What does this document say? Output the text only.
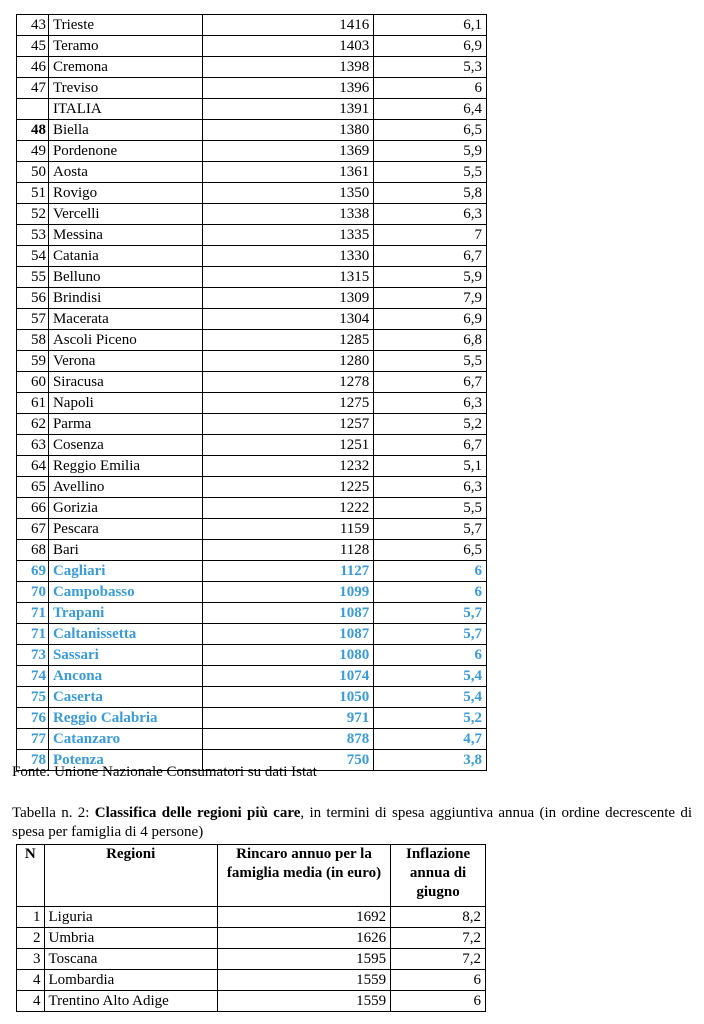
43	Trieste	1416	6,1
45	Teramo	1403	6,9
46	Cremona	1398	5,3
47	Treviso	1396	6
	ITALIA	1391	6,4
48	Biella	1380	6,5
49	Pordenone	1369	5,9
50	Aosta	1361	5,5
51	Rovigo	1350	5,8
52	Vercelli	1338	6,3
53	Messina	1335	7
54	Catania	1330	6,7
55	Belluno	1315	5,9
56	Brindisi	1309	7,9
57	Macerata	1304	6,9
58	Ascoli Piceno	1285	6,8
59	Verona	1280	5,5
60	Siracusa	1278	6,7
61	Napoli	1275	6,3
62	Parma	1257	5,2
63	Cosenza	1251	6,7
64	Reggio Emilia	1232	5,1
65	Avellino	1225	6,3
66	Gorizia	1222	5,5
67	Pescara	1159	5,7
68	Bari	1128	6,5
69	Cagliari	1127	6
70	Campobasso	1099	6
71	Trapani	1087	5,7
71	Caltanissetta	1087	5,7
73	Sassari	1080	6
74	Ancona	1074	5,4
75	Caserta	1050	5,4
76	Reggio Calabria	971	5,2
77	Catanzaro	878	4,7
78	Potenza	750	3,8
Fonte: Unione Nazionale Consumatori su dati Istat
Tabella n. 2: Classifica delle regioni più care, in termini di spesa aggiuntiva annua (in ordine decrescente di spesa per famiglia di 4 persone)
N	Regioni	Rincaro annuo per la famiglia media (in euro)	Inflazione annua di giugno
1	Liguria	1692	8,2
2	Umbria	1626	7,2
3	Toscana	1595	7,2
4	Lombardia	1559	6
4	Trentino Alto Adige	1559	6
